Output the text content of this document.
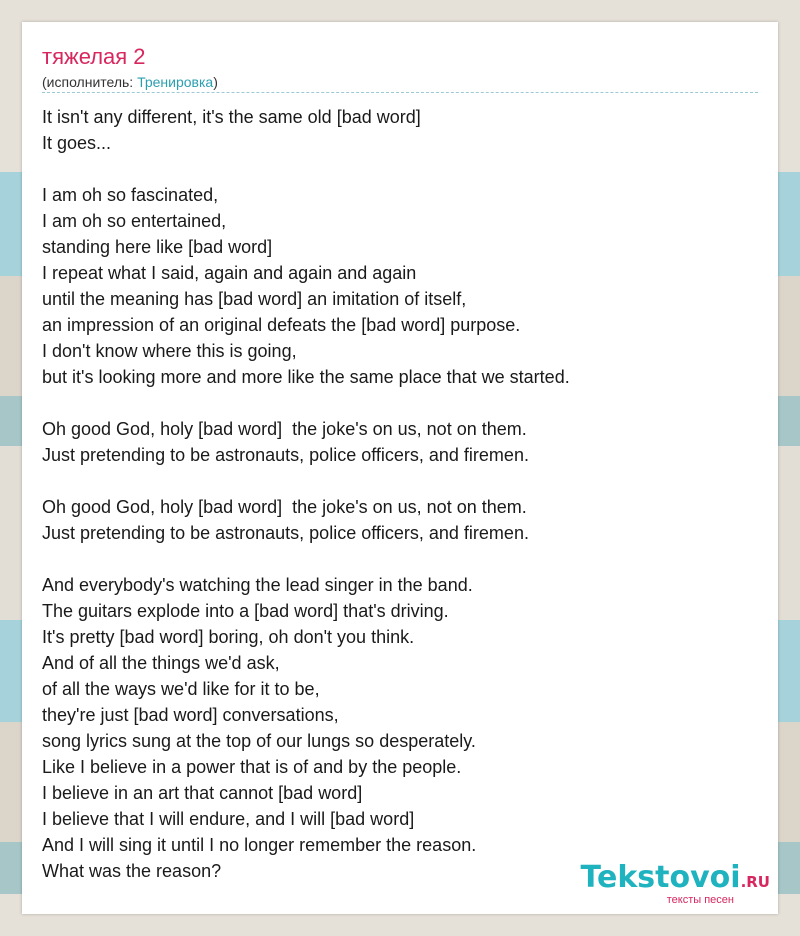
тяжелая 2
(исполнитель: Тренировка)
It isn't any different, it's the same old [bad word]
It goes...
I am oh so fascinated,
I am oh so entertained,
standing here like [bad word]
I repeat what I said, again and again and again
until the meaning has [bad word] an imitation of itself,
an impression of an original defeats the [bad word] purpose.
I don't know where this is going,
but it's looking more and more like the same place that we started.
Oh good God, holy [bad word]  the joke's on us, not on them.
Just pretending to be astronauts, police officers, and firemen.
Oh good God, holy [bad word]  the joke's on us, not on them.
Just pretending to be astronauts, police officers, and firemen.
And everybody's watching the lead singer in the band.
The guitars explode into a [bad word] that's driving.
It's pretty [bad word] boring, oh don't you think.
And of all the things we'd ask,
of all the ways we'd like for it to be,
they're just [bad word] conversations,
song lyrics sung at the top of our lungs so desperately.
Like I believe in a power that is of and by the people.
I believe in an art that cannot [bad word]
I believe that I will endure, and I will [bad word]
And I will sing it until I no longer remember the reason.
What was the reason?	Tekstovoi.RU
тексты песен
